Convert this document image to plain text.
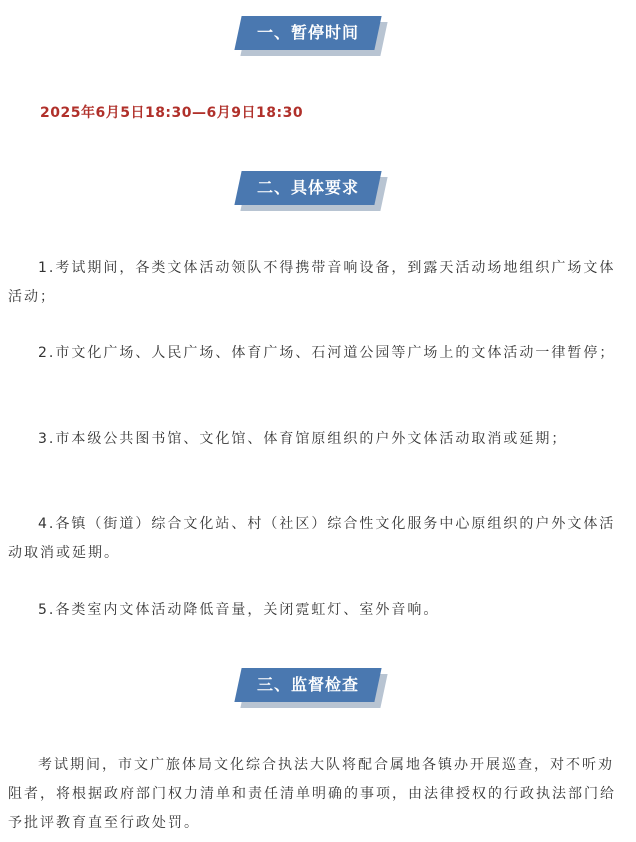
一、暂停时间
2025年6月5日18:30—6月9日18:30
二、具体要求
1.考试期间，各类文体活动领队不得携带音响设备，到露天活动场地组织广场文体活动；
2.市文化广场、人民广场、体育广场、石河道公园等广场上的文体活动一律暂停；
3.市本级公共图书馆、文化馆、体育馆原组织的户外文体活动取消或延期；
4.各镇（街道）综合文化站、村（社区）综合性文化服务中心原组织的户外文体活动取消或延期。
5.各类室内文体活动降低音量，关闭霓虹灯、室外音响。
三、监督检查
考试期间，市文广旅体局文化综合执法大队将配合属地各镇办开展巡查，对不听劝阻者，将根据政府部门权力清单和责任清单明确的事项，由法律授权的行政执法部门给予批评教育直至行政处罚。
